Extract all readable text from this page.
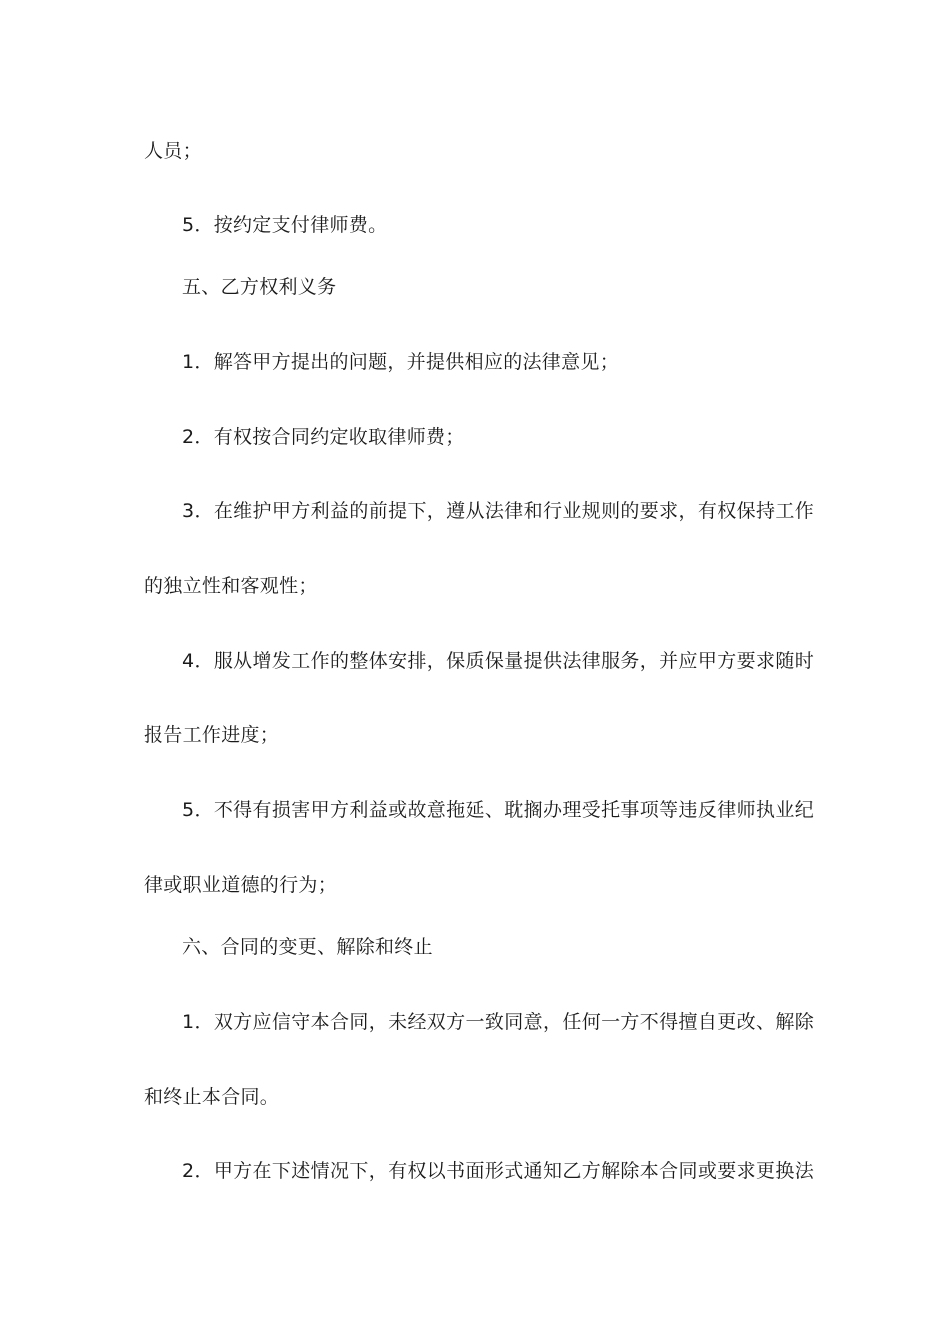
人员；
5．按约定支付律师费。
五、乙方权利义务
1．解答甲方提出的问题，并提供相应的法律意见；
2．有权按合同约定收取律师费；
3．在维护甲方利益的前提下，遵从法律和行业规则的要求，有权保持工作
的独立性和客观性；
4．服从增发工作的整体安排，保质保量提供法律服务，并应甲方要求随时
报告工作进度；
5．不得有损害甲方利益或故意拖延、耽搁办理受托事项等违反律师执业纪
律或职业道德的行为；
六、合同的变更、解除和终止
1．双方应信守本合同，未经双方一致同意，任何一方不得擅自更改、解除
和终止本合同。
2．甲方在下述情况下，有权以书面形式通知乙方解除本合同或要求更换法
